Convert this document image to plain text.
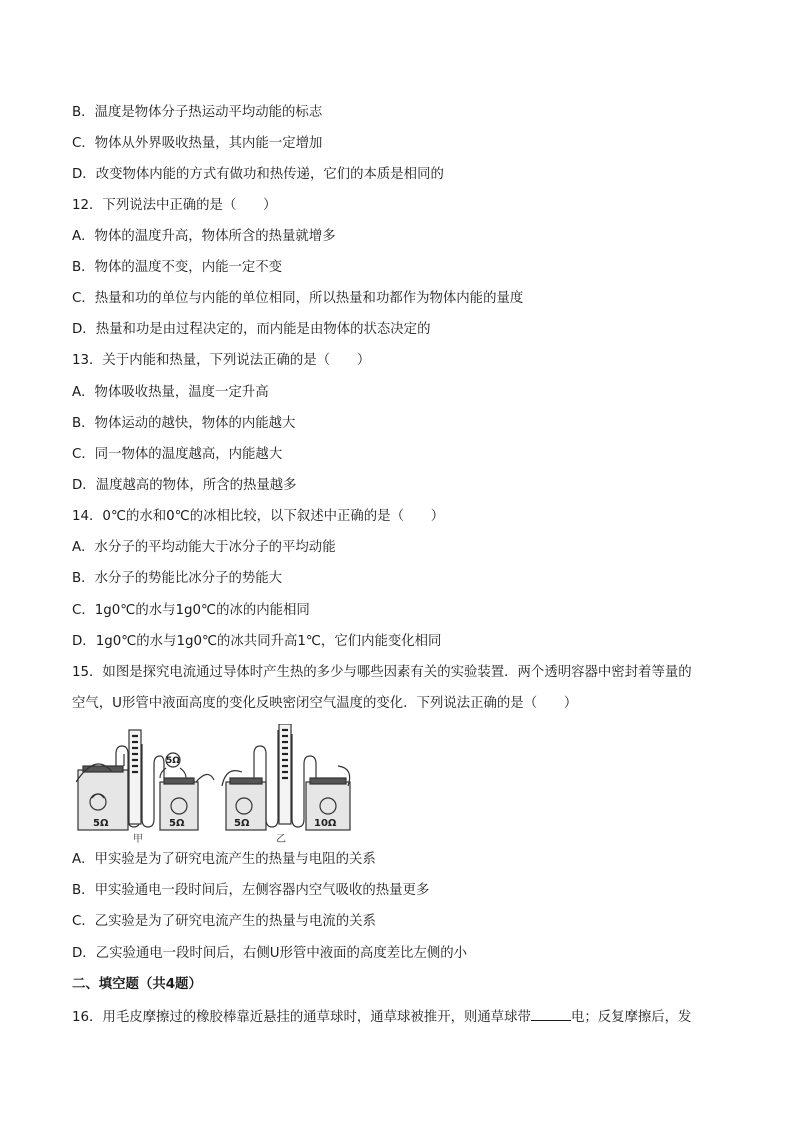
B．温度是物体分子热运动平均动能的标志
C．物体从外界吸收热量，其内能一定增加
D．改变物体内能的方式有做功和热传递，它们的本质是相同的
12．下列说法中正确的是（　　）
A．物体的温度升高，物体所含的热量就增多
B．物体的温度不变，内能一定不变
C．热量和功的单位与内能的单位相同，所以热量和功都作为物体内能的量度
D．热量和功是由过程决定的，而内能是由物体的状态决定的
13．关于内能和热量，下列说法正确的是（　　）
A．物体吸收热量，温度一定升高
B．物体运动的越快，物体的内能越大
C．同一物体的温度越高，内能越大
D．温度越高的物体，所含的热量越多
14．0℃的水和0℃的冰相比较，以下叙述中正确的是（　　）
A．水分子的平均动能大于冰分子的平均动能
B．水分子的势能比冰分子的势能大
C．1g0℃的水与1g0℃的冰的内能相同
D．1g0℃的水与1g0℃的冰共同升高1℃，它们内能变化相同
15．如图是探究电流通过导体时产生热的多少与哪些因素有关的实验装置．两个透明容器中密封着等量的
空气，U形管中液面高度的变化反映密闭空气温度的变化．下列说法正确的是（　　）
5Ω	5Ω
5Ω
5Ω	10Ω
甲	乙
A．甲实验是为了研究电流产生的热量与电阻的关系
B．甲实验通电一段时间后，左侧容器内空气吸收的热量更多
C．乙实验是为了研究电流产生的热量与电流的关系
D．乙实验通电一段时间后，右侧U形管中液面的高度差比左侧的小
二、填空题（共4题）
16．用毛皮摩擦过的橡胶棒靠近悬挂的通草球时，通草球被推开，则通草球带	电；反复摩擦后，发
